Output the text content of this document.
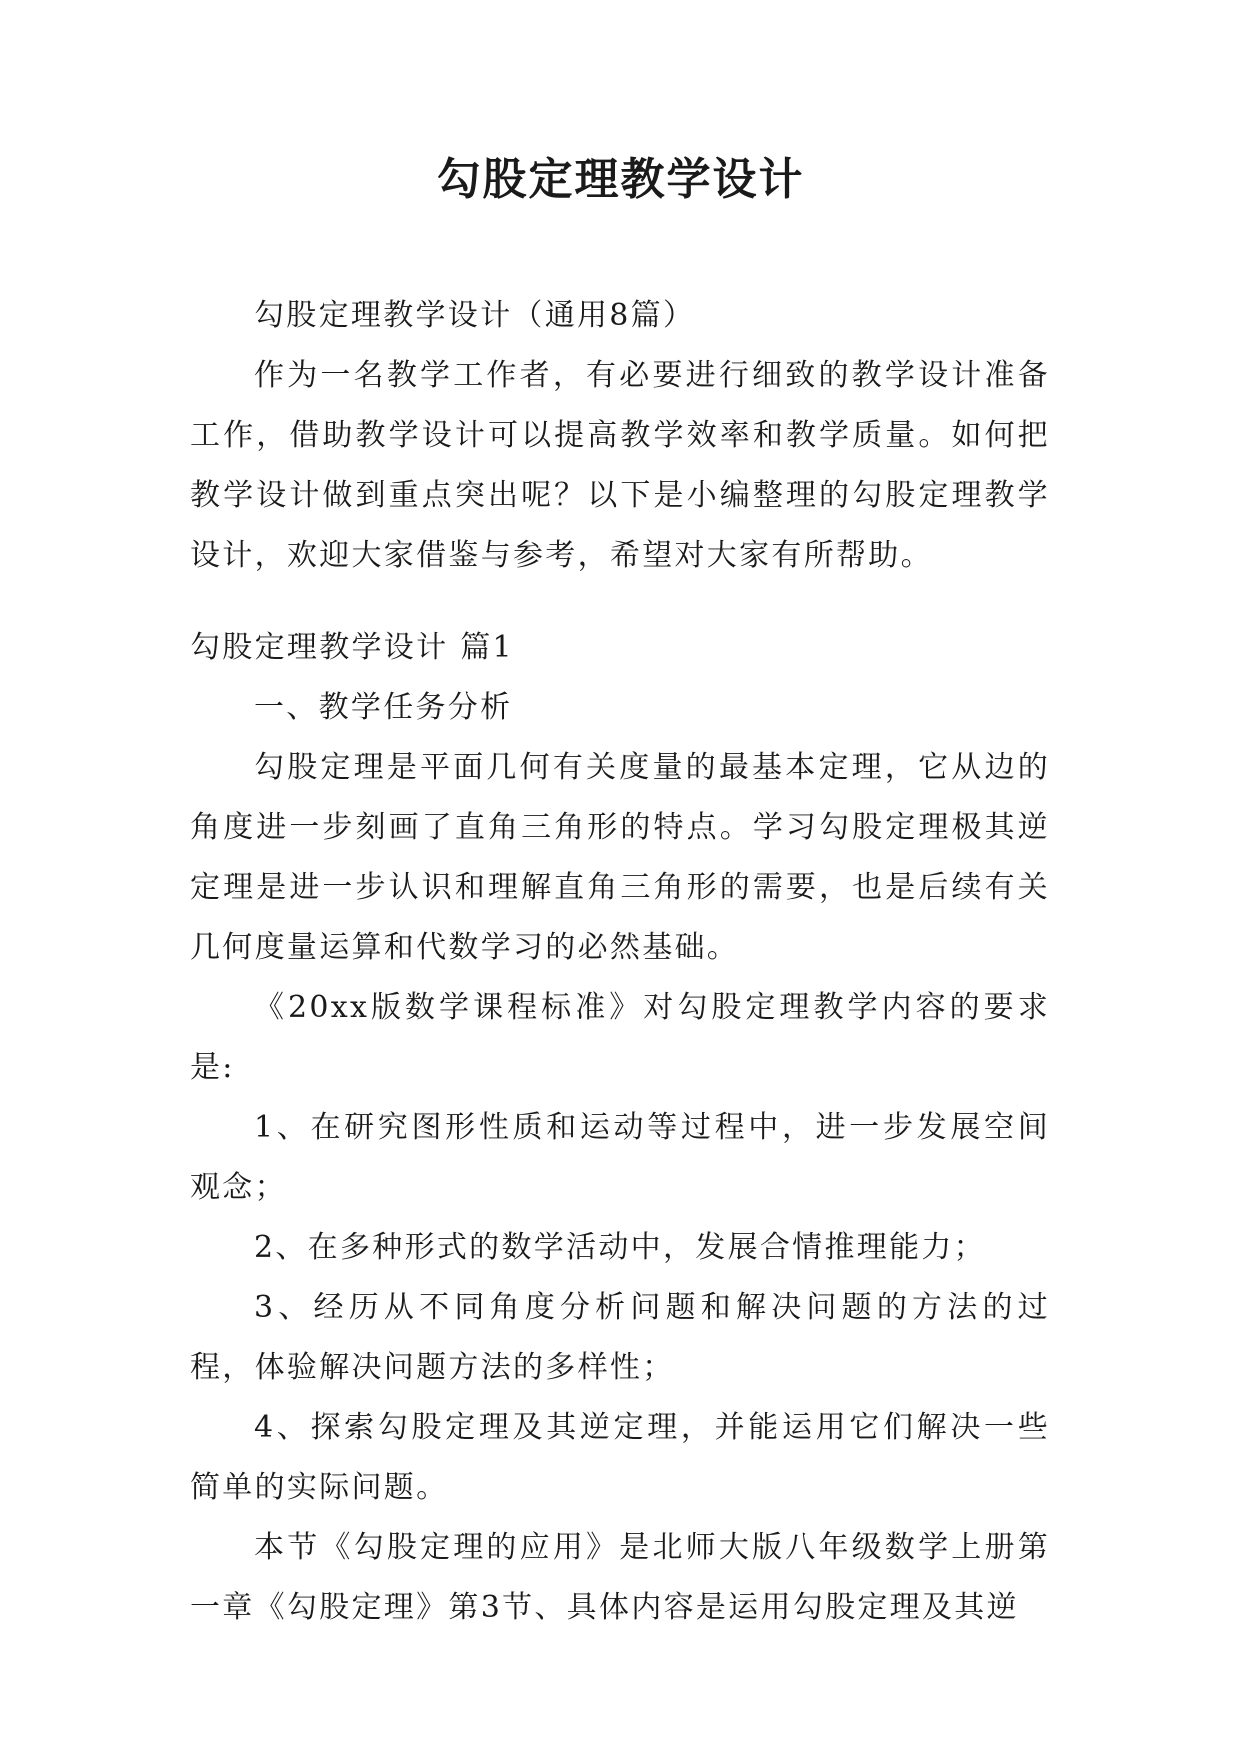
勾股定理教学设计

勾股定理教学设计（通用8篇）

作为一名教学工作者，有必要进行细致的教学设计准备工作，借助教学设计可以提高教学效率和教学质量。如何把教学设计做到重点突出呢？以下是小编整理的勾股定理教学设计，欢迎大家借鉴与参考，希望对大家有所帮助。

勾股定理教学设计 篇1

一、教学任务分析

勾股定理是平面几何有关度量的最基本定理，它从边的角度进一步刻画了直角三角形的特点。学习勾股定理极其逆定理是进一步认识和理解直角三角形的需要，也是后续有关几何度量运算和代数学习的必然基础。

《20xx版数学课程标准》对勾股定理教学内容的要求是:

1、在研究图形性质和运动等过程中，进一步发展空间观念；

2、在多种形式的数学活动中，发展合情推理能力；

3、经历从不同角度分析问题和解决问题的方法的过程，体验解决问题方法的多样性；

4、探索勾股定理及其逆定理，并能运用它们解决一些简单的实际问题。

本节《勾股定理的应用》是北师大版八年级数学上册第一章《勾股定理》第3节、具体内容是运用勾股定理及其逆
